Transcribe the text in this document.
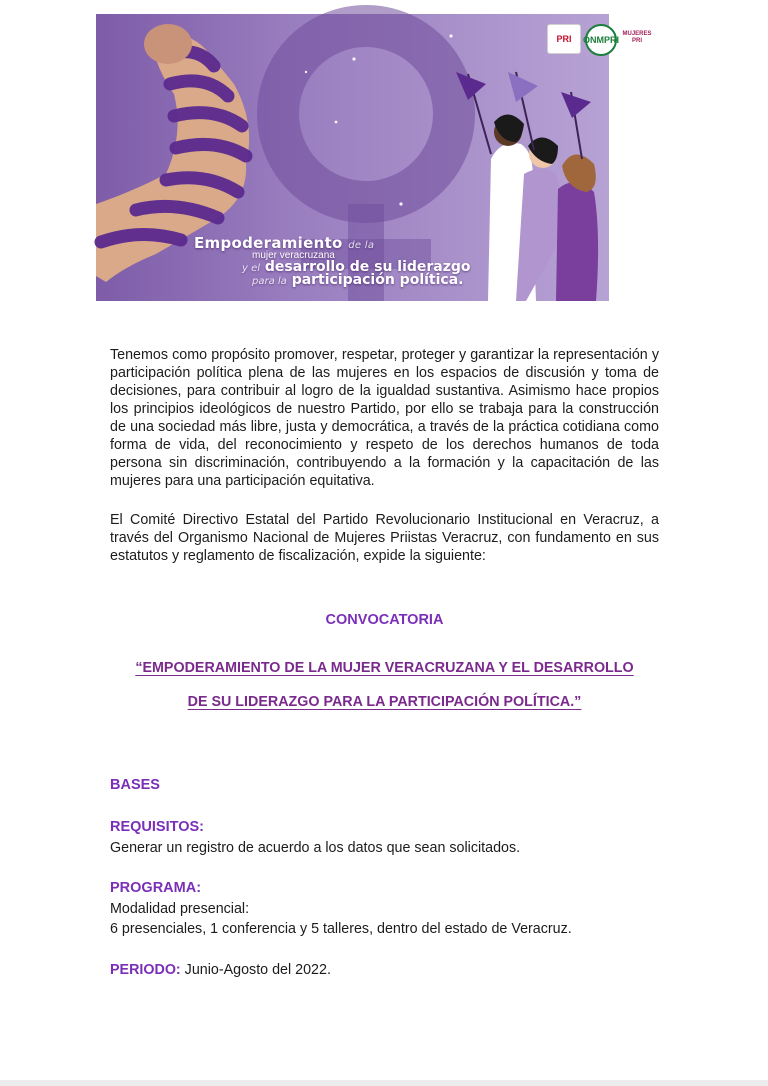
PRI	ONMPRI
MUJERES PRI
Empoderamiento de la
mujer veracruzana
y el desarrollo de su liderazgo
para la participación política.

Tenemos como propósito promover, respetar, proteger y garantizar la representación y participación política plena de las mujeres en los espacios de discusión y toma de decisiones, para contribuir al logro de la igualdad sustantiva. Asimismo hace propios los principios ideológicos de nuestro Partido, por ello se trabaja para la construcción de una sociedad más libre, justa y democrática, a través de la práctica cotidiana como forma de vida, del reconocimiento y respeto de los derechos humanos de toda persona sin discriminación, contribuyendo a la formación y la capacitación de las mujeres para una participación equitativa.

El Comité Directivo Estatal del Partido Revolucionario Institucional en Veracruz, a través del Organismo Nacional de Mujeres Priistas Veracruz, con fundamento en sus estatutos y reglamento de fiscalización, expide la siguiente:

CONVOCATORIA
“EMPODERAMIENTO DE LA MUJER VERACRUZANA Y EL DESARROLLO
DE SU LIDERAZGO PARA LA PARTICIPACIÓN POLÍTICA.”
BASES
REQUISITOS:
Generar un registro de acuerdo a los datos que sean solicitados.
PROGRAMA:
Modalidad presencial:
6 presenciales, 1 conferencia y 5 talleres, dentro del estado de Veracruz.
PERIODO: Junio-Agosto del 2022.
